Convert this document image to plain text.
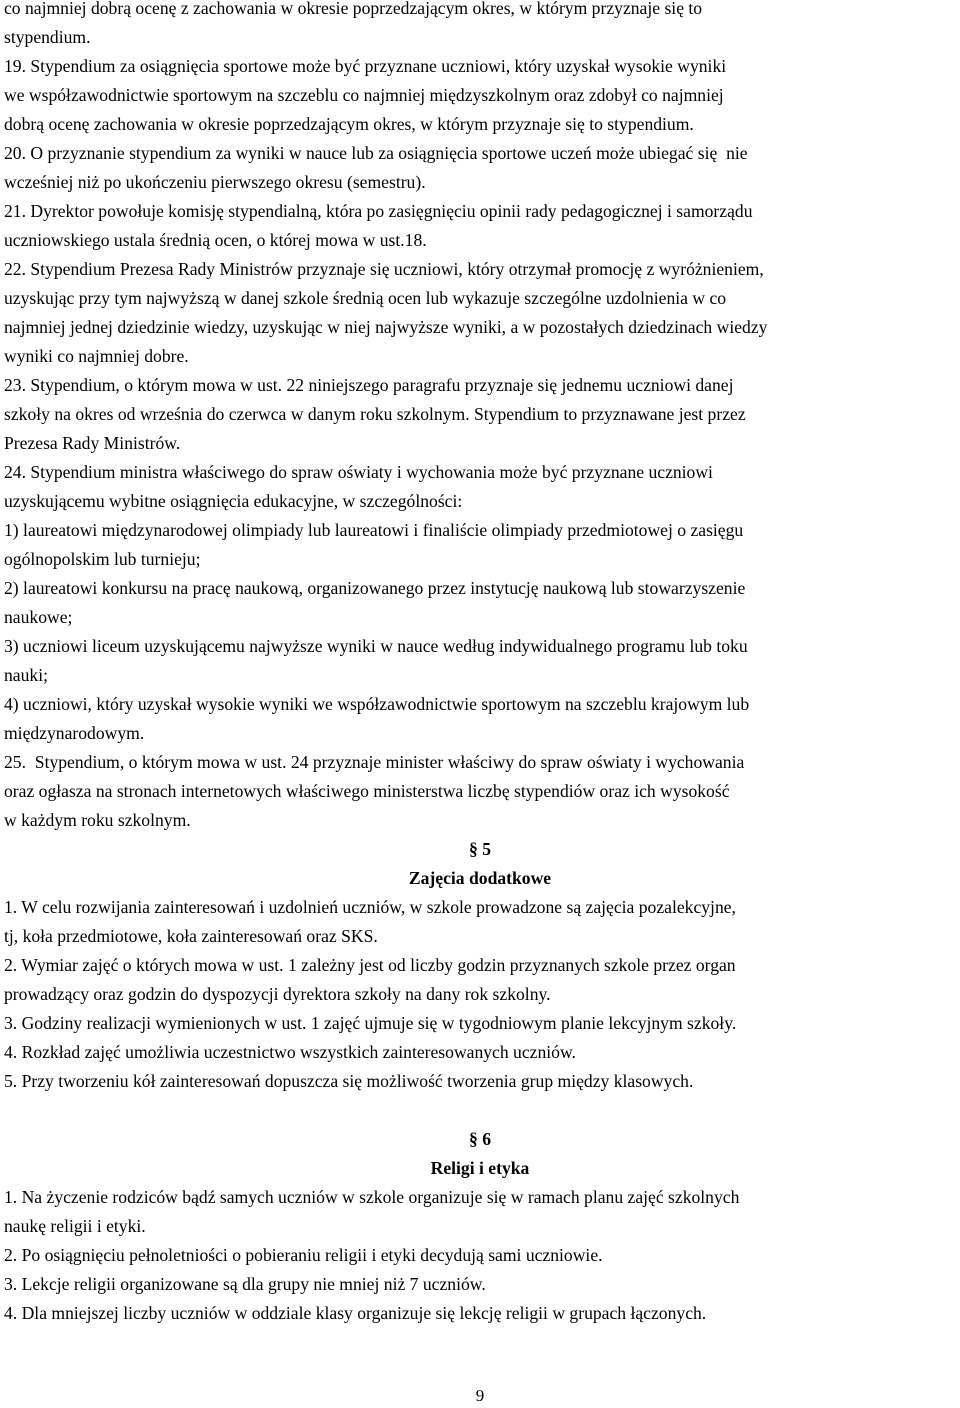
co najmniej dobrą ocenę z zachowania w okresie poprzedzającym okres, w którym przyznaje się to
stypendium.
19. Stypendium za osiągnięcia sportowe może być przyznane uczniowi, który uzyskał wysokie wyniki
we współzawodnictwie sportowym na szczeblu co najmniej międzyszkolnym oraz zdobył co najmniej
dobrą ocenę zachowania w okresie poprzedzającym okres, w którym przyznaje się to stypendium.
20. O przyznanie stypendium za wyniki w nauce lub za osiągnięcia sportowe uczeń może ubiegać się  nie
wcześniej niż po ukończeniu pierwszego okresu (semestru).
21. Dyrektor powołuje komisję stypendialną, która po zasięgnięciu opinii rady pedagogicznej i samorządu
uczniowskiego ustala średnią ocen, o której mowa w ust.18.
22. Stypendium Prezesa Rady Ministrów przyznaje się uczniowi, który otrzymał promocję z wyróżnieniem,
uzyskując przy tym najwyższą w danej szkole średnią ocen lub wykazuje szczególne uzdolnienia w co
najmniej jednej dziedzinie wiedzy, uzyskując w niej najwyższe wyniki, a w pozostałych dziedzinach wiedzy
wyniki co najmniej dobre.
23. Stypendium, o którym mowa w ust. 22 niniejszego paragrafu przyznaje się jednemu uczniowi danej
szkoły na okres od września do czerwca w danym roku szkolnym. Stypendium to przyznawane jest przez
Prezesa Rady Ministrów.
24. Stypendium ministra właściwego do spraw oświaty i wychowania może być przyznane uczniowi
uzyskującemu wybitne osiągnięcia edukacyjne, w szczególności:
1) laureatowi międzynarodowej olimpiady lub laureatowi i finaliście olimpiady przedmiotowej o zasięgu
ogólnopolskim lub turnieju;
2) laureatowi konkursu na pracę naukową, organizowanego przez instytucję naukową lub stowarzyszenie
naukowe;
3) uczniowi liceum uzyskującemu najwyższe wyniki w nauce według indywidualnego programu lub toku
nauki;
4) uczniowi, który uzyskał wysokie wyniki we współzawodnictwie sportowym na szczeblu krajowym lub
międzynarodowym.
25.  Stypendium, o którym mowa w ust. 24 przyznaje minister właściwy do spraw oświaty i wychowania
oraz ogłasza na stronach internetowych właściwego ministerstwa liczbę stypendiów oraz ich wysokość
w każdym roku szkolnym.
§ 5
Zajęcia dodatkowe
1. W celu rozwijania zainteresowań i uzdolnień uczniów, w szkole prowadzone są zajęcia pozalekcyjne,
tj, koła przedmiotowe, koła zainteresowań oraz SKS.
2. Wymiar zajęć o których mowa w ust. 1 zależny jest od liczby godzin przyznanych szkole przez organ
prowadzący oraz godzin do dyspozycji dyrektora szkoły na dany rok szkolny.
3. Godziny realizacji wymienionych w ust. 1 zajęć ujmuje się w tygodniowym planie lekcyjnym szkoły.
4. Rozkład zajęć umożliwia uczestnictwo wszystkich zainteresowanych uczniów.
5. Przy tworzeniu kół zainteresowań dopuszcza się możliwość tworzenia grup między klasowych.
§ 6
Religi i etyka
1. Na życzenie rodziców bądź samych uczniów w szkole organizuje się w ramach planu zajęć szkolnych
naukę religii i etyki.
2. Po osiągnięciu pełnoletniości o pobieraniu religii i etyki decydują sami uczniowie.
3. Lekcje religii organizowane są dla grupy nie mniej niż 7 uczniów.
4. Dla mniejszej liczby uczniów w oddziale klasy organizuje się lekcję religii w grupach łączonych.
9
